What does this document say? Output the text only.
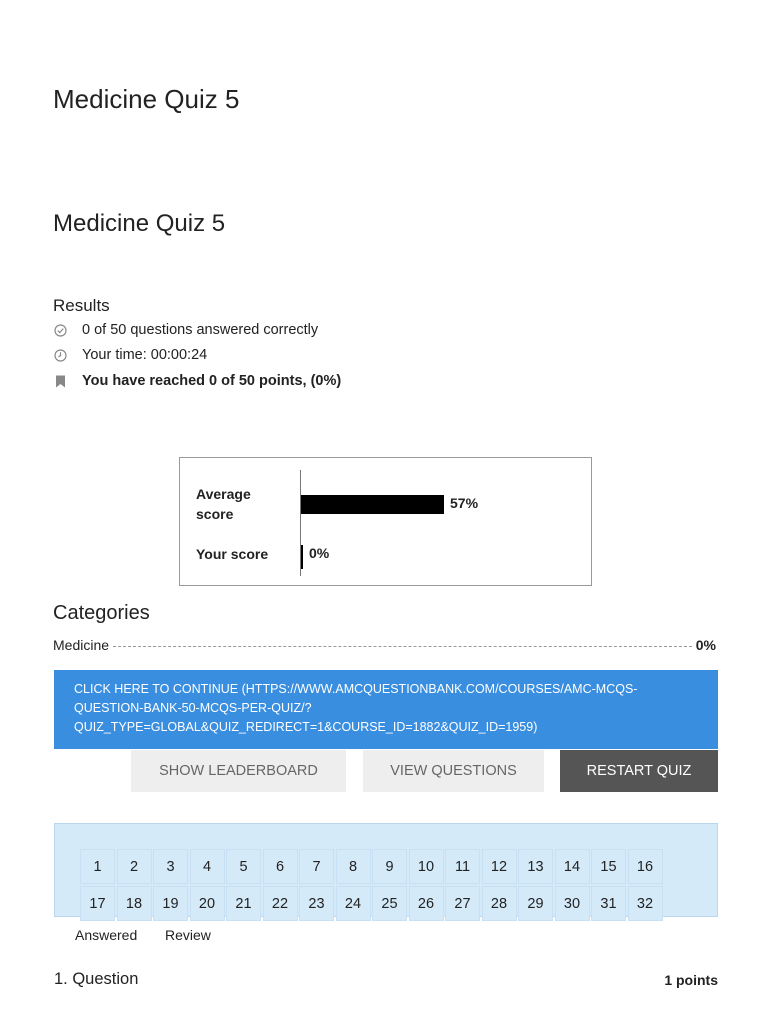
Medicine Quiz 5
Medicine Quiz 5
Results
0 of 50 questions answered correctly
Your time: 00:00:24
You have reached 0 of 50 points, (0%)
Average score
57%
Your score	0%
Categories
Medicine	0%
CLICK HERE TO CONTINUE (HTTPS://WWW.AMCQUESTIONBANK.COM/COURSES/AMC-MCQS-QUESTION-BANK-50-MCQS-PER-QUIZ/?QUIZ_TYPE=GLOBAL&QUIZ_REDIRECT=1&COURSE_ID=1882&QUIZ_ID=1959)
SHOW LEADERBOARD	VIEW QUESTIONS	RESTART QUIZ
1	2	3	4	5	6	7	8	9	10	11	12	13	14	15	16
17	18	19	20	21	22	23	24	25	26	27	28	29	30	31	32
Answered Review
1. Question	1 points
